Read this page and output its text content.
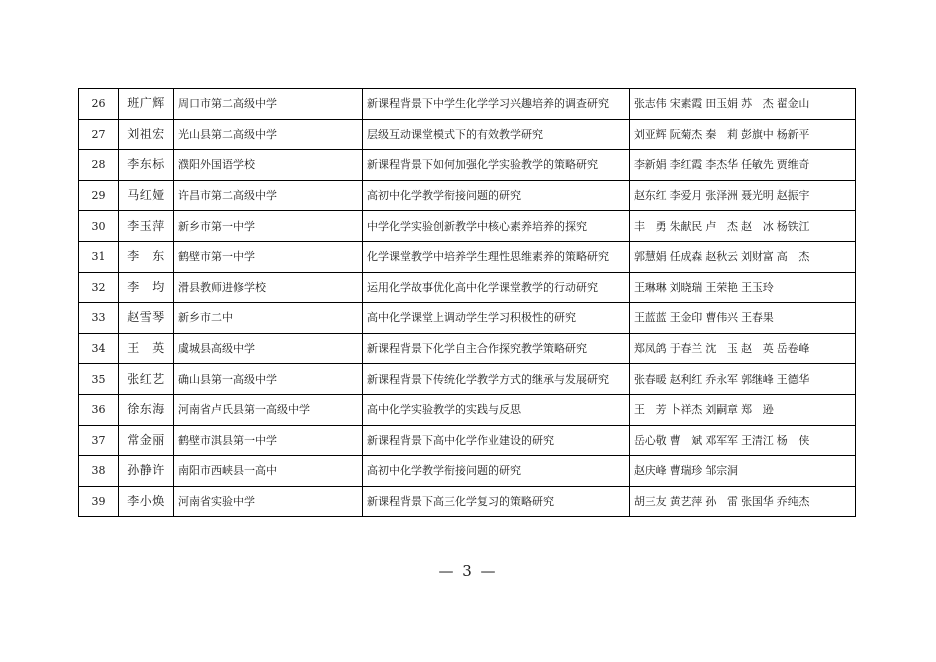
26	班广辉	周口市第二高级中学	新课程背景下中学生化学学习兴趣培养的调查研究	张志伟 宋素霞 田玉娟 苏　杰 翟金山
27	刘祖宏	光山县第二高级中学	层级互动课堂模式下的有效教学研究	刘亚辉 阮菊杰 秦　莉 彭旗中 杨新平
28	李东标	濮阳外国语学校	新课程背景下如何加强化学实验教学的策略研究	李新娟 李红霞 李杰华 任敏先 贾维奇
29	马红娅	许昌市第二高级中学	高初中化学教学衔接问题的研究	赵东红 李爱月 张泽洲 聂光明 赵振宇
30	李玉萍	新乡市第一中学	中学化学实验创新教学中核心素养培养的探究	丰　勇 朱献民 卢　杰 赵　冰 杨铁江
31	李　东	鹤壁市第一中学	化学课堂教学中培养学生理性思维素养的策略研究	郭慧娟 任成森 赵秋云 刘财富 高　杰
32	李　均	滑县教师进修学校	运用化学故事优化高中化学课堂教学的行动研究	王琳琳 刘晓瑞 王荣艳 王玉玲
33	赵雪琴	新乡市二中	高中化学课堂上调动学生学习积极性的研究	王蓝蓝 王金印 曹伟兴 王春果
34	王　英	虞城县高级中学	新课程背景下化学自主合作探究教学策略研究	郑凤鸽 于春兰 沈　玉 赵　英 岳卷峰
35	张红艺	确山县第一高级中学	新课程背景下传统化学教学方式的继承与发展研究	张春暖 赵利红 乔永军 郭继峰 王德华
36	徐东海	河南省卢氏县第一高级中学	高中化学实验教学的实践与反思	王　芳 卜祥杰 刘嗣章 郑　逊
37	常金丽	鹤壁市淇县第一中学	新课程背景下高中化学作业建设的研究	岳心敬 曹　斌 邓军军 王清江 杨　侠
38	孙静许	南阳市西峡县一高中	高初中化学教学衔接问题的研究	赵庆峰 曹瑞珍 邹宗洞
39	李小焕	河南省实验中学	新课程背景下高三化学复习的策略研究	胡三友 黄艺萍 孙　雷 张国华 乔纯杰
— 3 —
